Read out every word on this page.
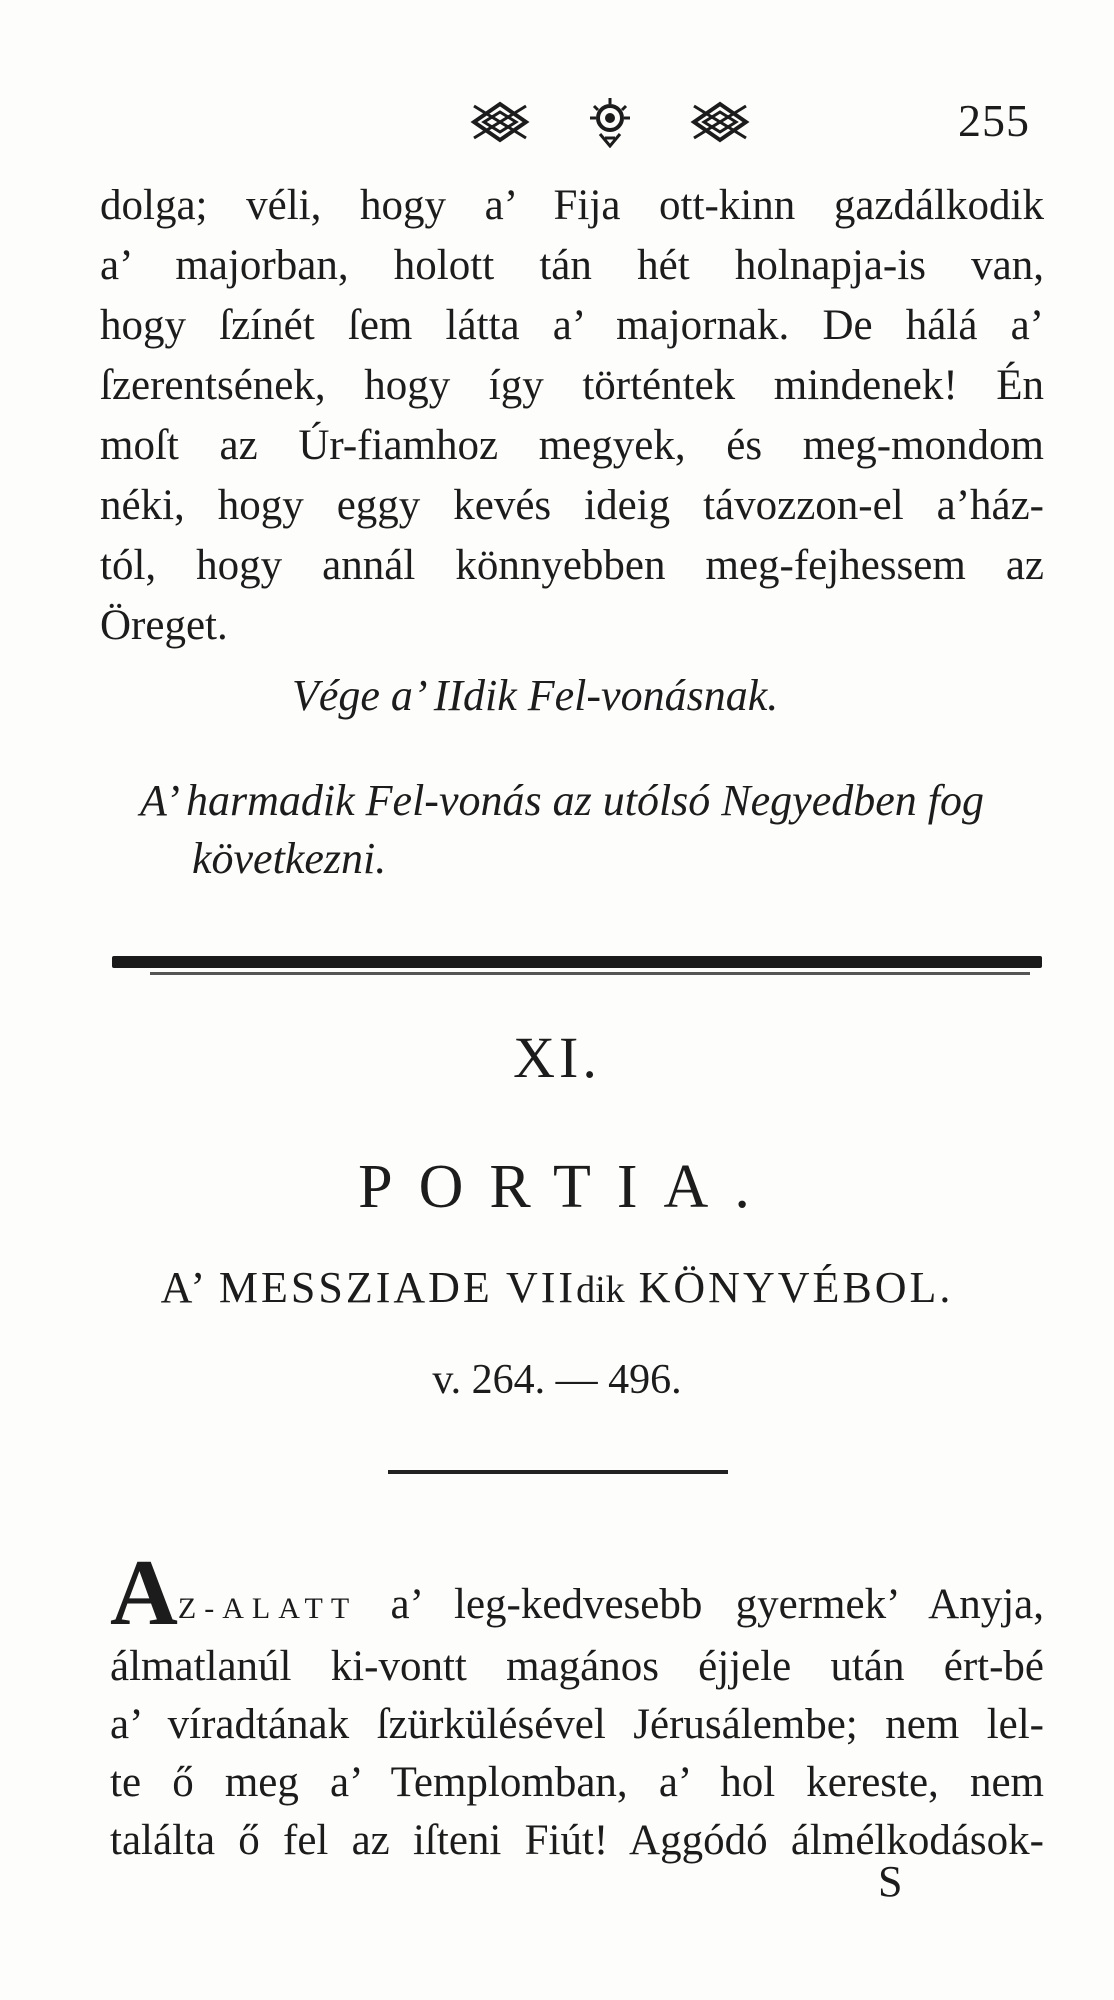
255
dolga; véli, hogy a’ Fija ott-kinn gazdálkodik
a’ majorban, holott tán hét holnapja-is van,
hogy ſzínét ſem látta a’ majornak. De hálá a’
ſzerentsének, hogy így történtek mindenek! Én
moſt az Úr-fiamhoz megyek, és meg-mondom
néki, hogy eggy kevés ideig távozzon-el a’ház-
tól, hogy annál könnyebben meg-fejhessem az
Öreget.
Vége a’ IIdik Fel-vonásnak.
A’ harmadik Fel-vonás az utólsó Negyedben fog
következni.
XI.
PORTIA.
A’ MESSZIADE VIIdik KÖNYVÉBOL.
v. 264. — 496.
AZ-ALATT a’ leg-kedvesebb gyermek’ Anyja,
álmatlanúl ki-vontt magános éjjele után ért-bé
a’ víradtának ſzürkülésével Jérusálembe; nem lel-
te ő meg a’ Templomban, a’ hol kereste, nem
találta ő fel az iſteni Fiút! Aggódó álmélkodások-
S
